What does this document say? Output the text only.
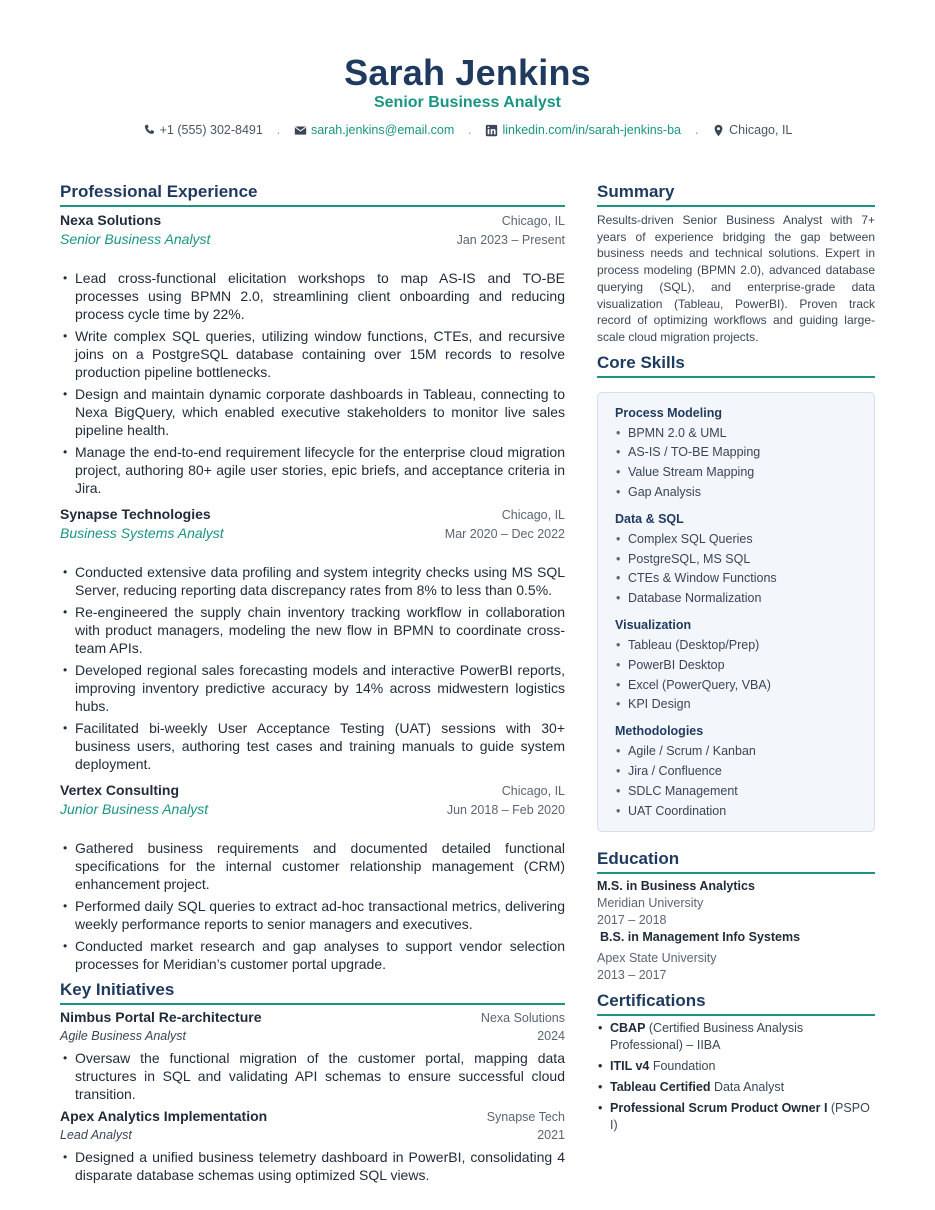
Sarah Jenkins
Senior Business Analyst
+1 (555) 302-8491 · sarah.jenkins@email.com · linkedin.com/in/sarah-jenkins-ba · Chicago, IL
Professional Experience
Nexa Solutions	Chicago, IL
Senior Business Analyst	Jan 2023 – Present
• Lead cross-functional elicitation workshops to map AS-IS and TO-BE processes using BPMN 2.0, streamlining client onboarding and reducing process cycle time by 22%.
• Write complex SQL queries, utilizing window functions, CTEs, and recursive joins on a PostgreSQL database containing over 15M records to resolve production pipeline bottlenecks.
• Design and maintain dynamic corporate dashboards in Tableau, connecting to Nexa BigQuery, which enabled executive stakeholders to monitor live sales pipeline health.
• Manage the end-to-end requirement lifecycle for the enterprise cloud migration project, authoring 80+ agile user stories, epic briefs, and acceptance criteria in Jira.
Synapse Technologies	Chicago, IL
Business Systems Analyst	Mar 2020 – Dec 2022
• Conducted extensive data profiling and system integrity checks using MS SQL Server, reducing reporting data discrepancy rates from 8% to less than 0.5%.
• Re-engineered the supply chain inventory tracking workflow in collaboration with product managers, modeling the new flow in BPMN to coordinate cross-team APIs.
• Developed regional sales forecasting models and interactive PowerBI reports, improving inventory predictive accuracy by 14% across midwestern logistics hubs.
• Facilitated bi-weekly User Acceptance Testing (UAT) sessions with 30+ business users, authoring test cases and training manuals to guide system deployment.
Vertex Consulting	Chicago, IL
Junior Business Analyst	Jun 2018 – Feb 2020
• Gathered business requirements and documented detailed functional specifications for the internal customer relationship management (CRM) enhancement project.
• Performed daily SQL queries to extract ad-hoc transactional metrics, delivering weekly performance reports to senior managers and executives.
• Conducted market research and gap analyses to support vendor selection processes for Meridian’s customer portal upgrade.
Key Initiatives
Nimbus Portal Re-architecture	Nexa Solutions
Agile Business Analyst	2024
• Oversaw the functional migration of the customer portal, mapping data structures in SQL and validating API schemas to ensure successful cloud transition.
Apex Analytics Implementation	Synapse Tech
Lead Analyst	2021
• Designed a unified business telemetry dashboard in PowerBI, consolidating 4 disparate database schemas using optimized SQL views.
Summary

Results-driven Senior Business Analyst with 7+ years of experience bridging the gap between business needs and technical solutions. Expert in process modeling (BPMN 2.0), advanced database querying (SQL), and enterprise-grade data visualization (Tableau, PowerBI). Proven track record of optimizing workflows and guiding large-scale cloud migration projects.

Core Skills
Process Modeling
• BPMN 2.0 & UML
• AS-IS / TO-BE Mapping
• Value Stream Mapping
• Gap Analysis
Data & SQL
• Complex SQL Queries
• PostgreSQL, MS SQL
• CTEs & Window Functions
• Database Normalization
Visualization
• Tableau (Desktop/Prep)
• PowerBI Desktop
• Excel (PowerQuery, VBA)
• KPI Design
Methodologies
• Agile / Scrum / Kanban
• Jira / Confluence
• SDLC Management
• UAT Coordination
Education
M.S. in Business Analytics
Meridian University
2017 – 2018
B.S. in Management Info Systems
Apex State University
2013 – 2017
Certifications
• CBAP (Certified Business Analysis Professional) – IIBA
• ITIL v4 Foundation
• Tableau Certified Data Analyst
• Professional Scrum Product Owner I (PSPO I)
